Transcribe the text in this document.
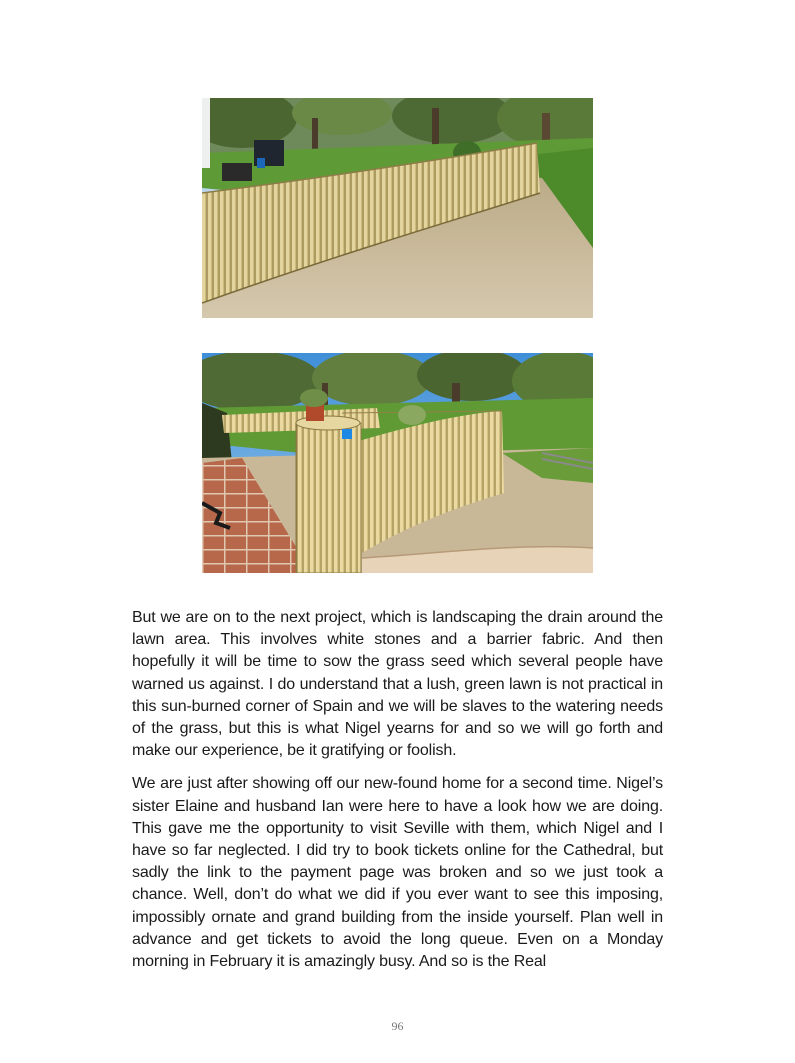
But we are on to the next project, which is landscaping the drain around the lawn area. This involves white stones and a barrier fabric. And then hopefully it will be time to sow the grass seed which several people have warned us against. I do understand that a lush, green lawn is not practical in this sun-burned corner of Spain and we will be slaves to the watering needs of the grass, but this is what Nigel yearns for and so we will go forth and make our experience, be it gratifying or foolish.

We are just after showing off our new-found home for a second time. Nigel’s sister Elaine and husband Ian were here to have a look how we are doing. This gave me the opportunity to visit Seville with them, which Nigel and I have so far neglected. I did try to book tickets online for the Cathedral, but sadly the link to the payment page was broken and so we just took a chance. Well, don’t do what we did if you ever want to see this imposing, impossibly ornate and grand building from the inside yourself. Plan well in advance and get tickets to avoid the long queue. Even on a Monday morning in February it is amazingly busy. And so is the Real

96
